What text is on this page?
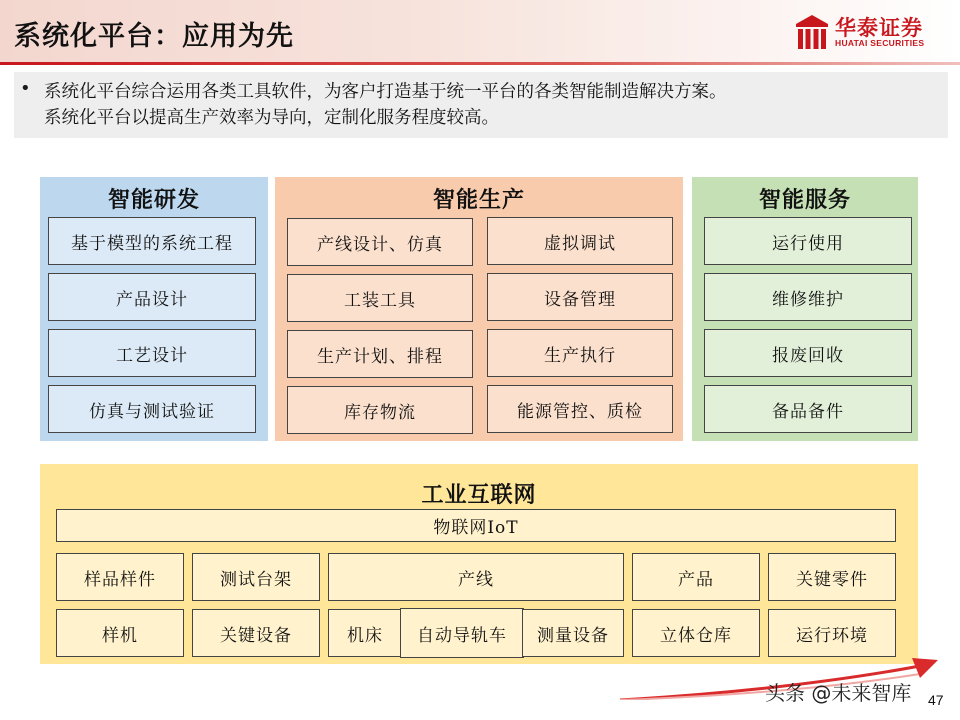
系统化平台：应用为先	华泰证券
HUATAI SECURITIES
• 系统化平台综合运用各类工具软件，为客户打造基于统一平台的各类智能制造解决方案。
系统化平台以提高生产效率为导向，定制化服务程度较高。
智能研发
基于模型的系统工程
产品设计
工艺设计
仿真与测试验证
智能生产
产线设计、仿真
工装工具
生产计划、排程
库存物流
虚拟调试
设备管理
生产执行
能源管控、质检
智能服务
运行使用
维修维护
报废回收
备品备件
工业互联网
物联网IoT
样品样件	测试台架	产线	产品	关键零件
样机	关键设备	机床	自动导轨车	测量设备	立体仓库	运行环境
头条 @未来智库 47
